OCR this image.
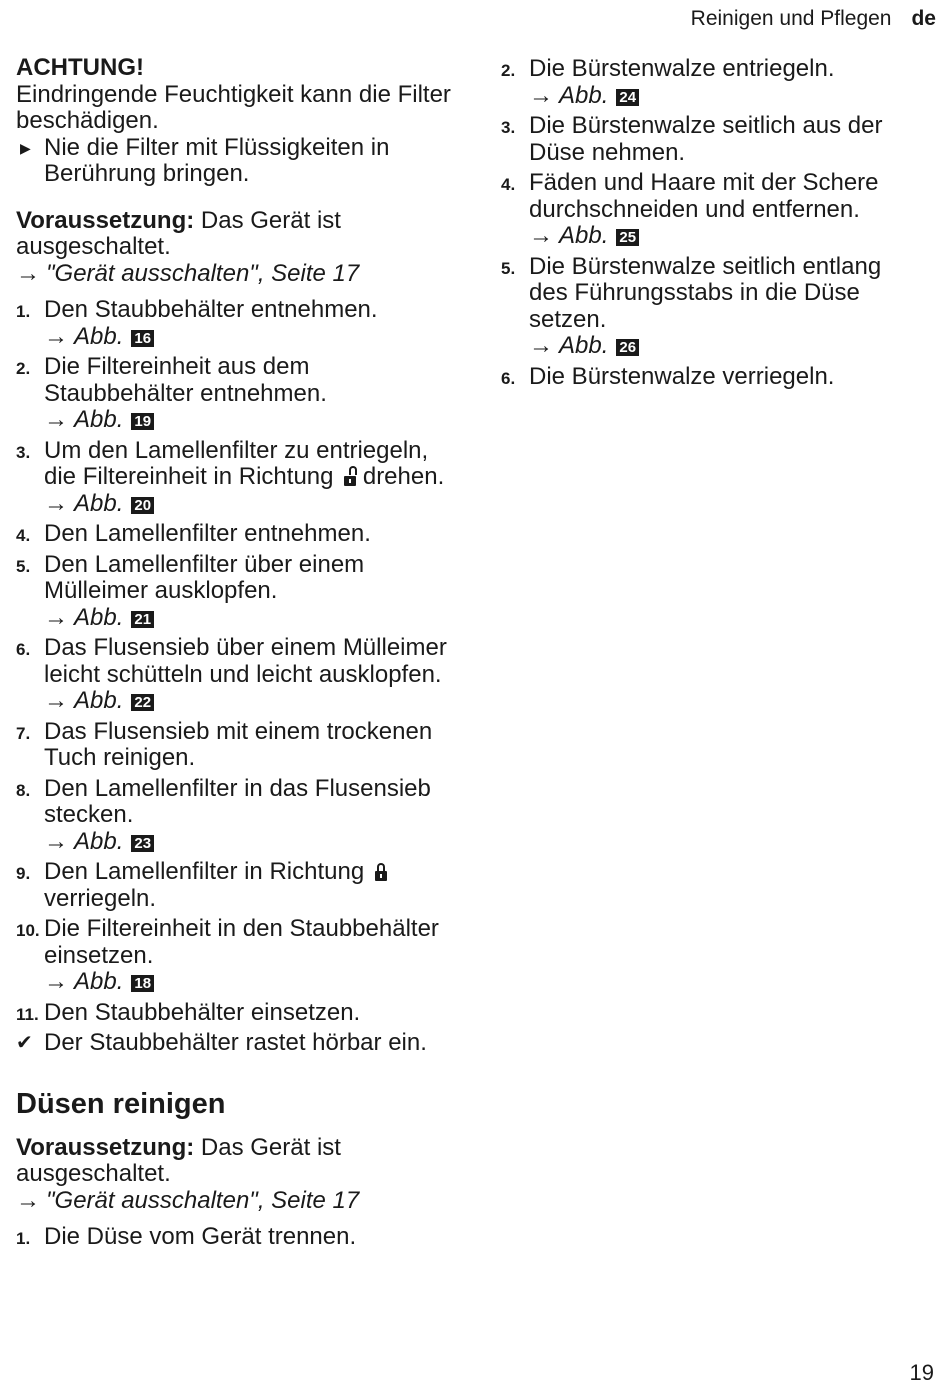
Reinigen und Pflegen de
ACHTUNG!
Eindringende Feuchtigkeit kann die Filter beschädigen.
▶ Nie die Filter mit Flüssigkeiten in Berührung bringen.
Voraussetzung: Das Gerät ist ausgeschaltet.
→ "Gerät ausschalten", Seite 17
1. Den Staubbehälter entnehmen.
→ Abb. 16
2. Die Filtereinheit aus dem Staubbehälter entnehmen.
→ Abb. 19
3. Um den Lamellenfilter zu entriegeln, die Filtereinheit in Richtung drehen.
→ Abb. 20
4. Den Lamellenfilter entnehmen.
5. Den Lamellenfilter über einem Mülleimer ausklopfen.
→ Abb. 21
6. Das Flusensieb über einem Mülleimer leicht schütteln und leicht ausklopfen.
→ Abb. 22
7. Das Flusensieb mit einem trockenen Tuch reinigen.
8. Den Lamellenfilter in das Flusensieb stecken.
→ Abb. 23
9. Den Lamellenfilter in Richtung
verriegeln.
10. Die Filtereinheit in den Staubbehälter einsetzen.
→ Abb. 18
11. Den Staubbehälter einsetzen.
✔ Der Staubbehälter rastet hörbar ein.
Düsen reinigen
Voraussetzung: Das Gerät ist ausgeschaltet.
→ "Gerät ausschalten", Seite 17
1. Die Düse vom Gerät trennen.
2. Die Bürstenwalze entriegeln.
→ Abb. 24
3. Die Bürstenwalze seitlich aus der Düse nehmen.
4. Fäden und Haare mit der Schere durchschneiden und entfernen.
→ Abb. 25
5. Die Bürstenwalze seitlich entlang des Führungsstabs in die Düse setzen.
→ Abb. 26
6. Die Bürstenwalze verriegeln.
19
